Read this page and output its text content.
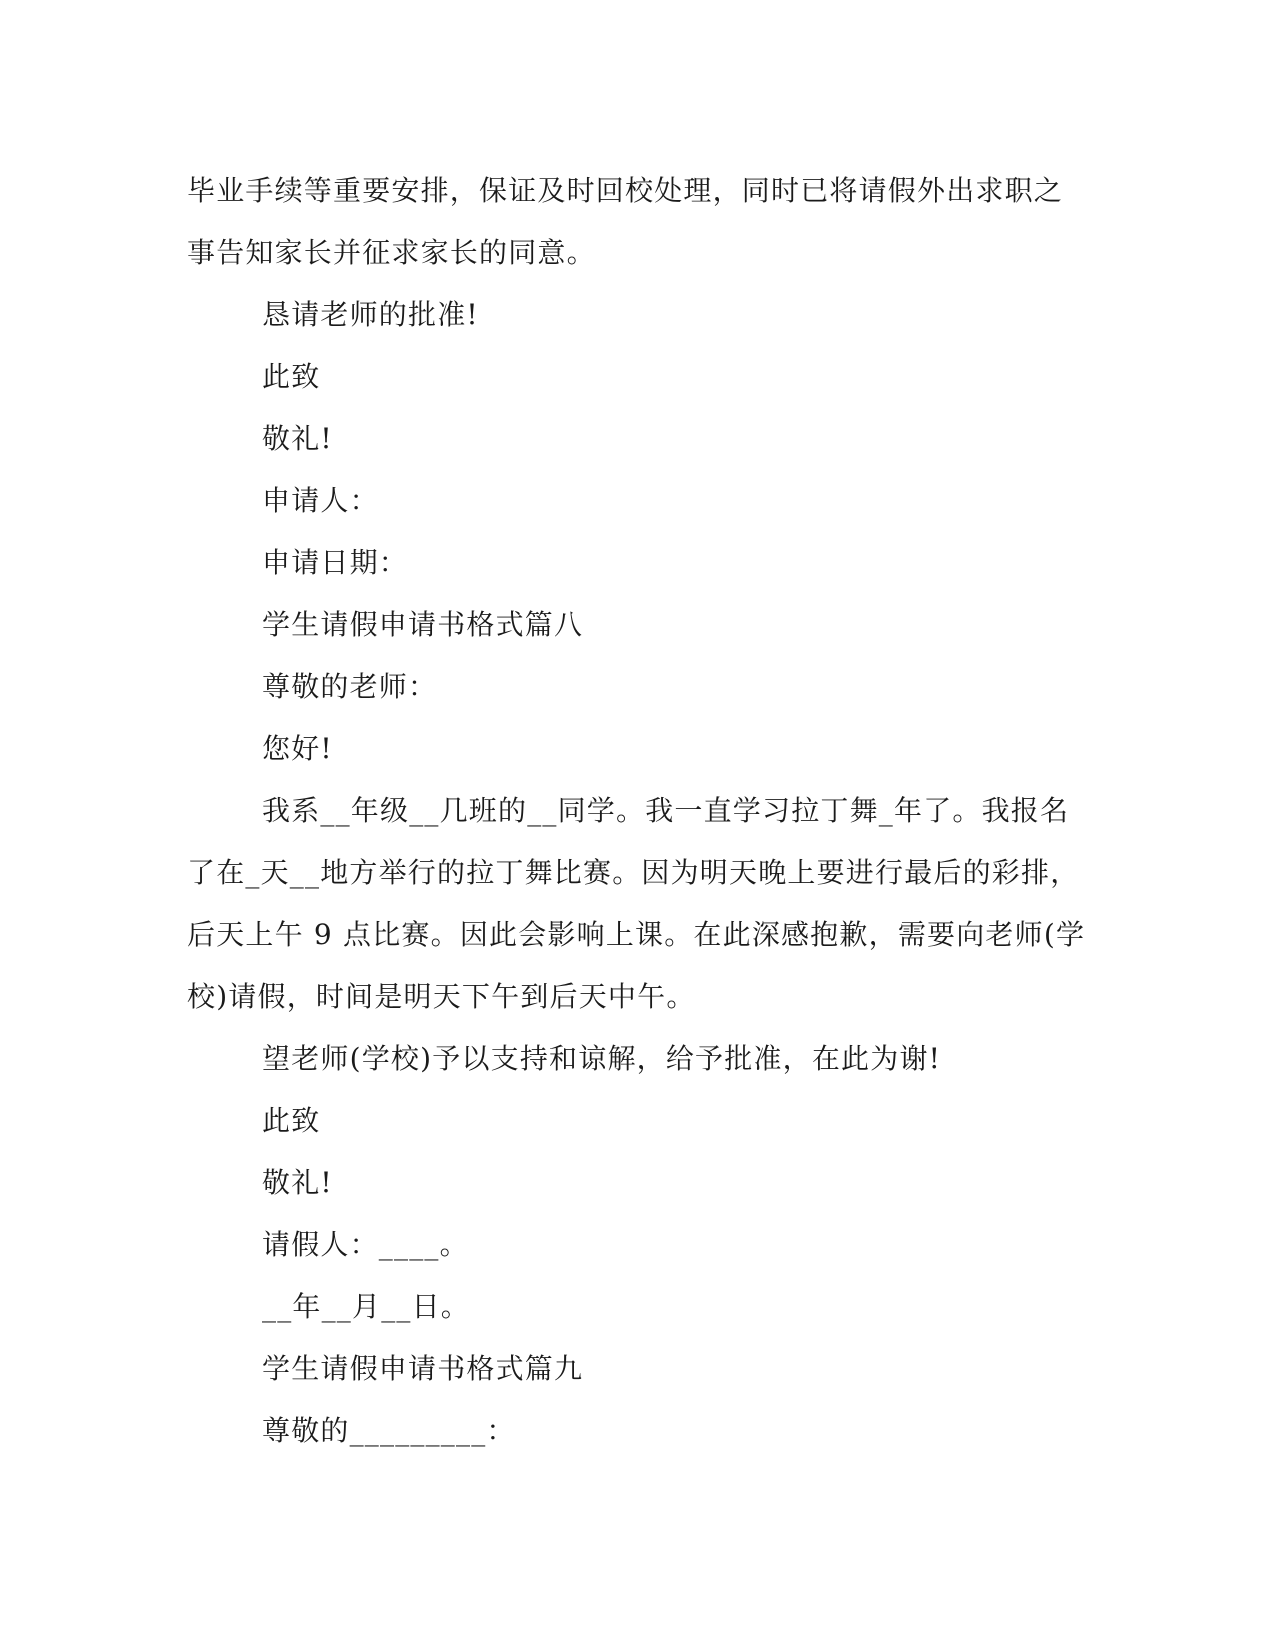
毕业手续等重要安排，保证及时回校处理，同时已将请假外出求职之
事告知家长并征求家长的同意。
恳请老师的批准!
此致
敬礼!
申请人：
申请日期：
学生请假申请书格式篇八
尊敬的老师：
您好!
我系__年级__几班的__同学。我一直学习拉丁舞_年了。我报名
了在_天__地方举行的拉丁舞比赛。因为明天晚上要进行最后的彩排，
后天上午 9 点比赛。因此会影响上课。在此深感抱歉，需要向老师(学
校)请假，时间是明天下午到后天中午。
望老师(学校)予以支持和谅解，给予批准，在此为谢!
此致
敬礼!
请假人：____。
__年__月__日。
学生请假申请书格式篇九
尊敬的_________：
